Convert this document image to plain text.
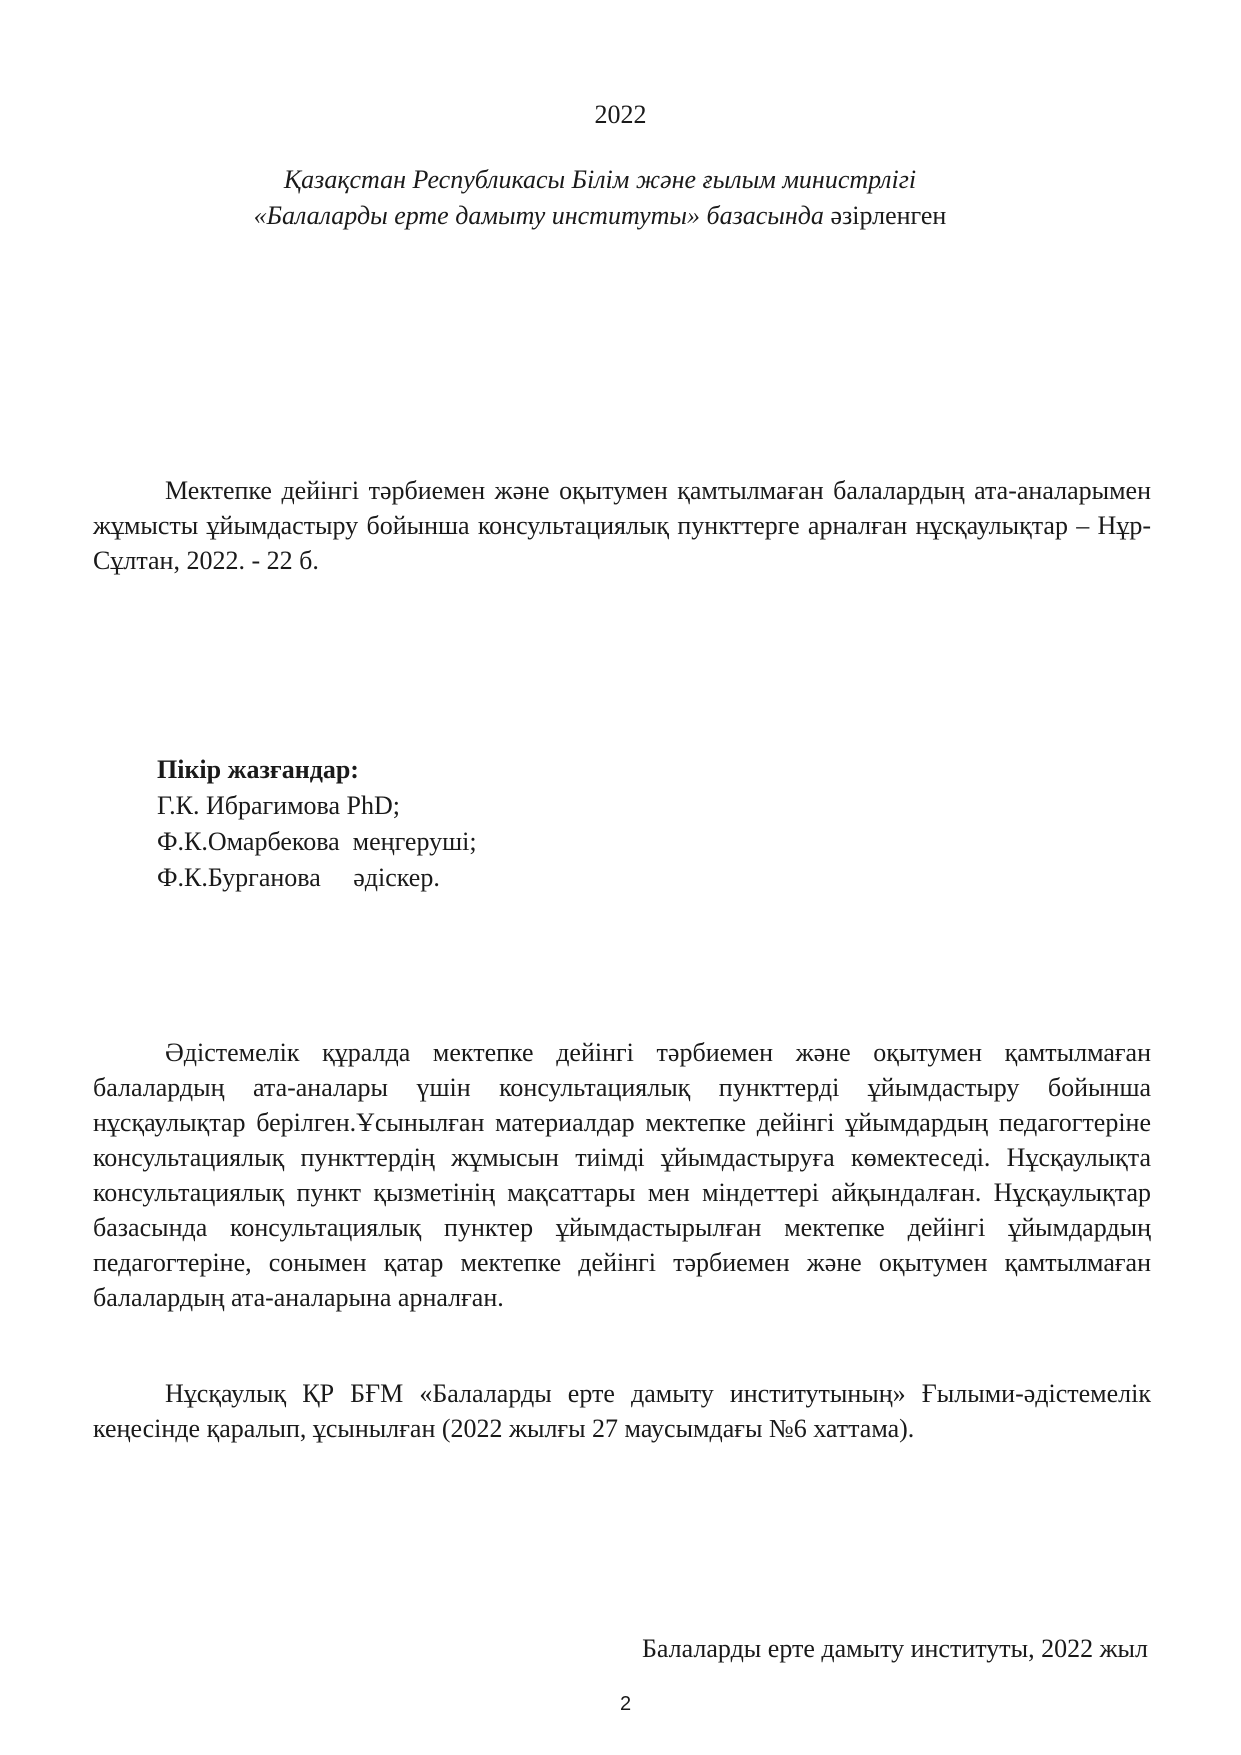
2022

Қазақстан Республикасы Білім және ғылым министрлігі
«Балаларды ерте дамыту институты» базасында әзірленген

Мектепке дейінгі тәрбиемен және оқытумен қамтылмаған балалардың ата-аналарымен жұмысты ұйымдастыру бойынша консультациялық пункттерге арналған нұсқаулықтар – Нұр-Сұлтан, 2022. - 22 б.

Пікір жазғандар:
Г.К. Ибрагимова PhD;
Ф.К.Омарбекова  меңгеруші;
Ф.К.Бурганова     әдіскер.

Әдістемелік құралда мектепке дейінгі тәрбиемен және оқытумен қамтылмаған балалардың ата-аналары үшін консультациялық пункттерді ұйымдастыру бойынша нұсқаулықтар берілген.Ұсынылған материалдар мектепке дейінгі ұйымдардың педагогтеріне консультациялық пункттердің жұмысын тиімді ұйымдастыруға көмектеседі. Нұсқаулықта консультациялық пункт қызметінің мақсаттары мен міндеттері айқындалған. Нұсқаулықтар базасында консультациялық пунктер ұйымдастырылған мектепке дейінгі ұйымдардың педагогтеріне, сонымен қатар мектепке дейінгі тәрбиемен және оқытумен қамтылмаған балалардың ата-аналарына арналған.

Нұсқаулық ҚР БҒМ «Балаларды ерте дамыту институтының» Ғылыми-әдістемелік кеңесінде қаралып, ұсынылған (2022 жылғы 27 маусымдағы №6 хаттама).

Балаларды ерте дамыту институты, 2022 жыл

2
